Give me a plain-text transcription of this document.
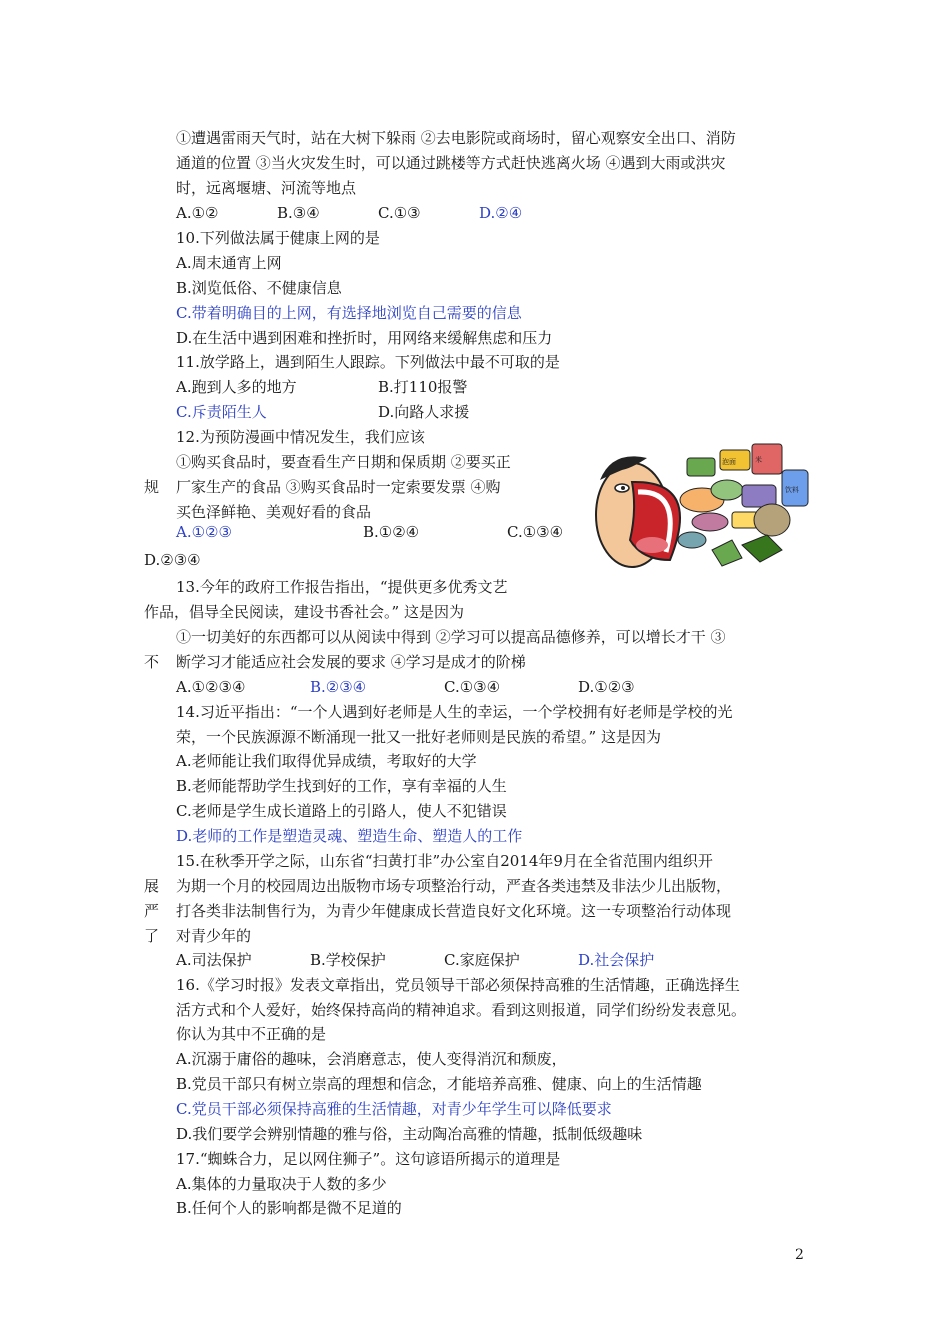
①遭遇雷雨天气时，站在大树下躲雨 ②去电影院或商场时，留心观察安全出口、消防
通道的位置 ③当火灾发生时，可以通过跳楼等方式赶快逃离火场 ④遇到大雨或洪灾
时，远离堰塘、河流等地点
A.①②	B.③④	C.①③	D.②④
10.下列做法属于健康上网的是
A.周末通宵上网
B.浏览低俗、不健康信息
C.带着明确目的上网，有选择地浏览自己需要的信息
D.在生活中遇到困难和挫折时，用网络来缓解焦虑和压力
11.放学路上，遇到陌生人跟踪。下列做法中最不可取的是
A.跑到人多的地方	B.打110报警
C.斥责陌生人	D.向路人求援
12.为预防漫画中情况发生，我们应该
①购买食品时，要查看生产日期和保质期 ②要买正
规 厂家生产的食品 ③购买食品时一定索要发票 ④购
买色泽鲜艳、美观好看的食品
A.①②③	B.①②④	C.①③④
D.②③④
泡面
饮料
米
13.今年的政府工作报告指出，“提供更多优秀文艺
作品，倡导全民阅读，建设书香社会。” 这是因为
①一切美好的东西都可以从阅读中得到 ②学习可以提高品德修养，可以增长才干 ③
不 断学习才能适应社会发展的要求 ④学习是成才的阶梯
A.①②③④	B.②③④	C.①③④	D.①②③
14.习近平指出：“一个人遇到好老师是人生的幸运，一个学校拥有好老师是学校的光
荣，一个民族源源不断涌现一批又一批好老师则是民族的希望。” 这是因为
A.老师能让我们取得优异成绩，考取好的大学
B.老师能帮助学生找到好的工作，享有幸福的人生
C.老师是学生成长道路上的引路人，使人不犯错误
D.老师的工作是塑造灵魂、塑造生命、塑造人的工作
15.在秋季开学之际，山东省“扫黄打非”办公室自2014年9月在全省范围内组织开
展 为期一个月的校园周边出版物市场专项整治行动，严查各类违禁及非法少儿出版物，
严 打各类非法制售行为，为青少年健康成长营造良好文化环境。这一专项整治行动体现
了 对青少年的
A.司法保护	B.学校保护	C.家庭保护	D.社会保护
16.《学习时报》发表文章指出，党员领导干部必须保持高雅的生活情趣，正确选择生
活方式和个人爱好，始终保持高尚的精神追求。看到这则报道，同学们纷纷发表意见。
你认为其中不正确的是
A.沉溺于庸俗的趣味，会消磨意志，使人变得消沉和颓废，
B.党员干部只有树立崇高的理想和信念，才能培养高雅、健康、向上的生活情趣
C.党员干部必须保持高雅的生活情趣，对青少年学生可以降低要求
D.我们要学会辨别情趣的雅与俗，主动陶冶高雅的情趣，抵制低级趣味
17.“蜘蛛合力，足以网住狮子”。这句谚语所揭示的道理是
A.集体的力量取决于人数的多少
B.任何个人的影响都是微不足道的
2
